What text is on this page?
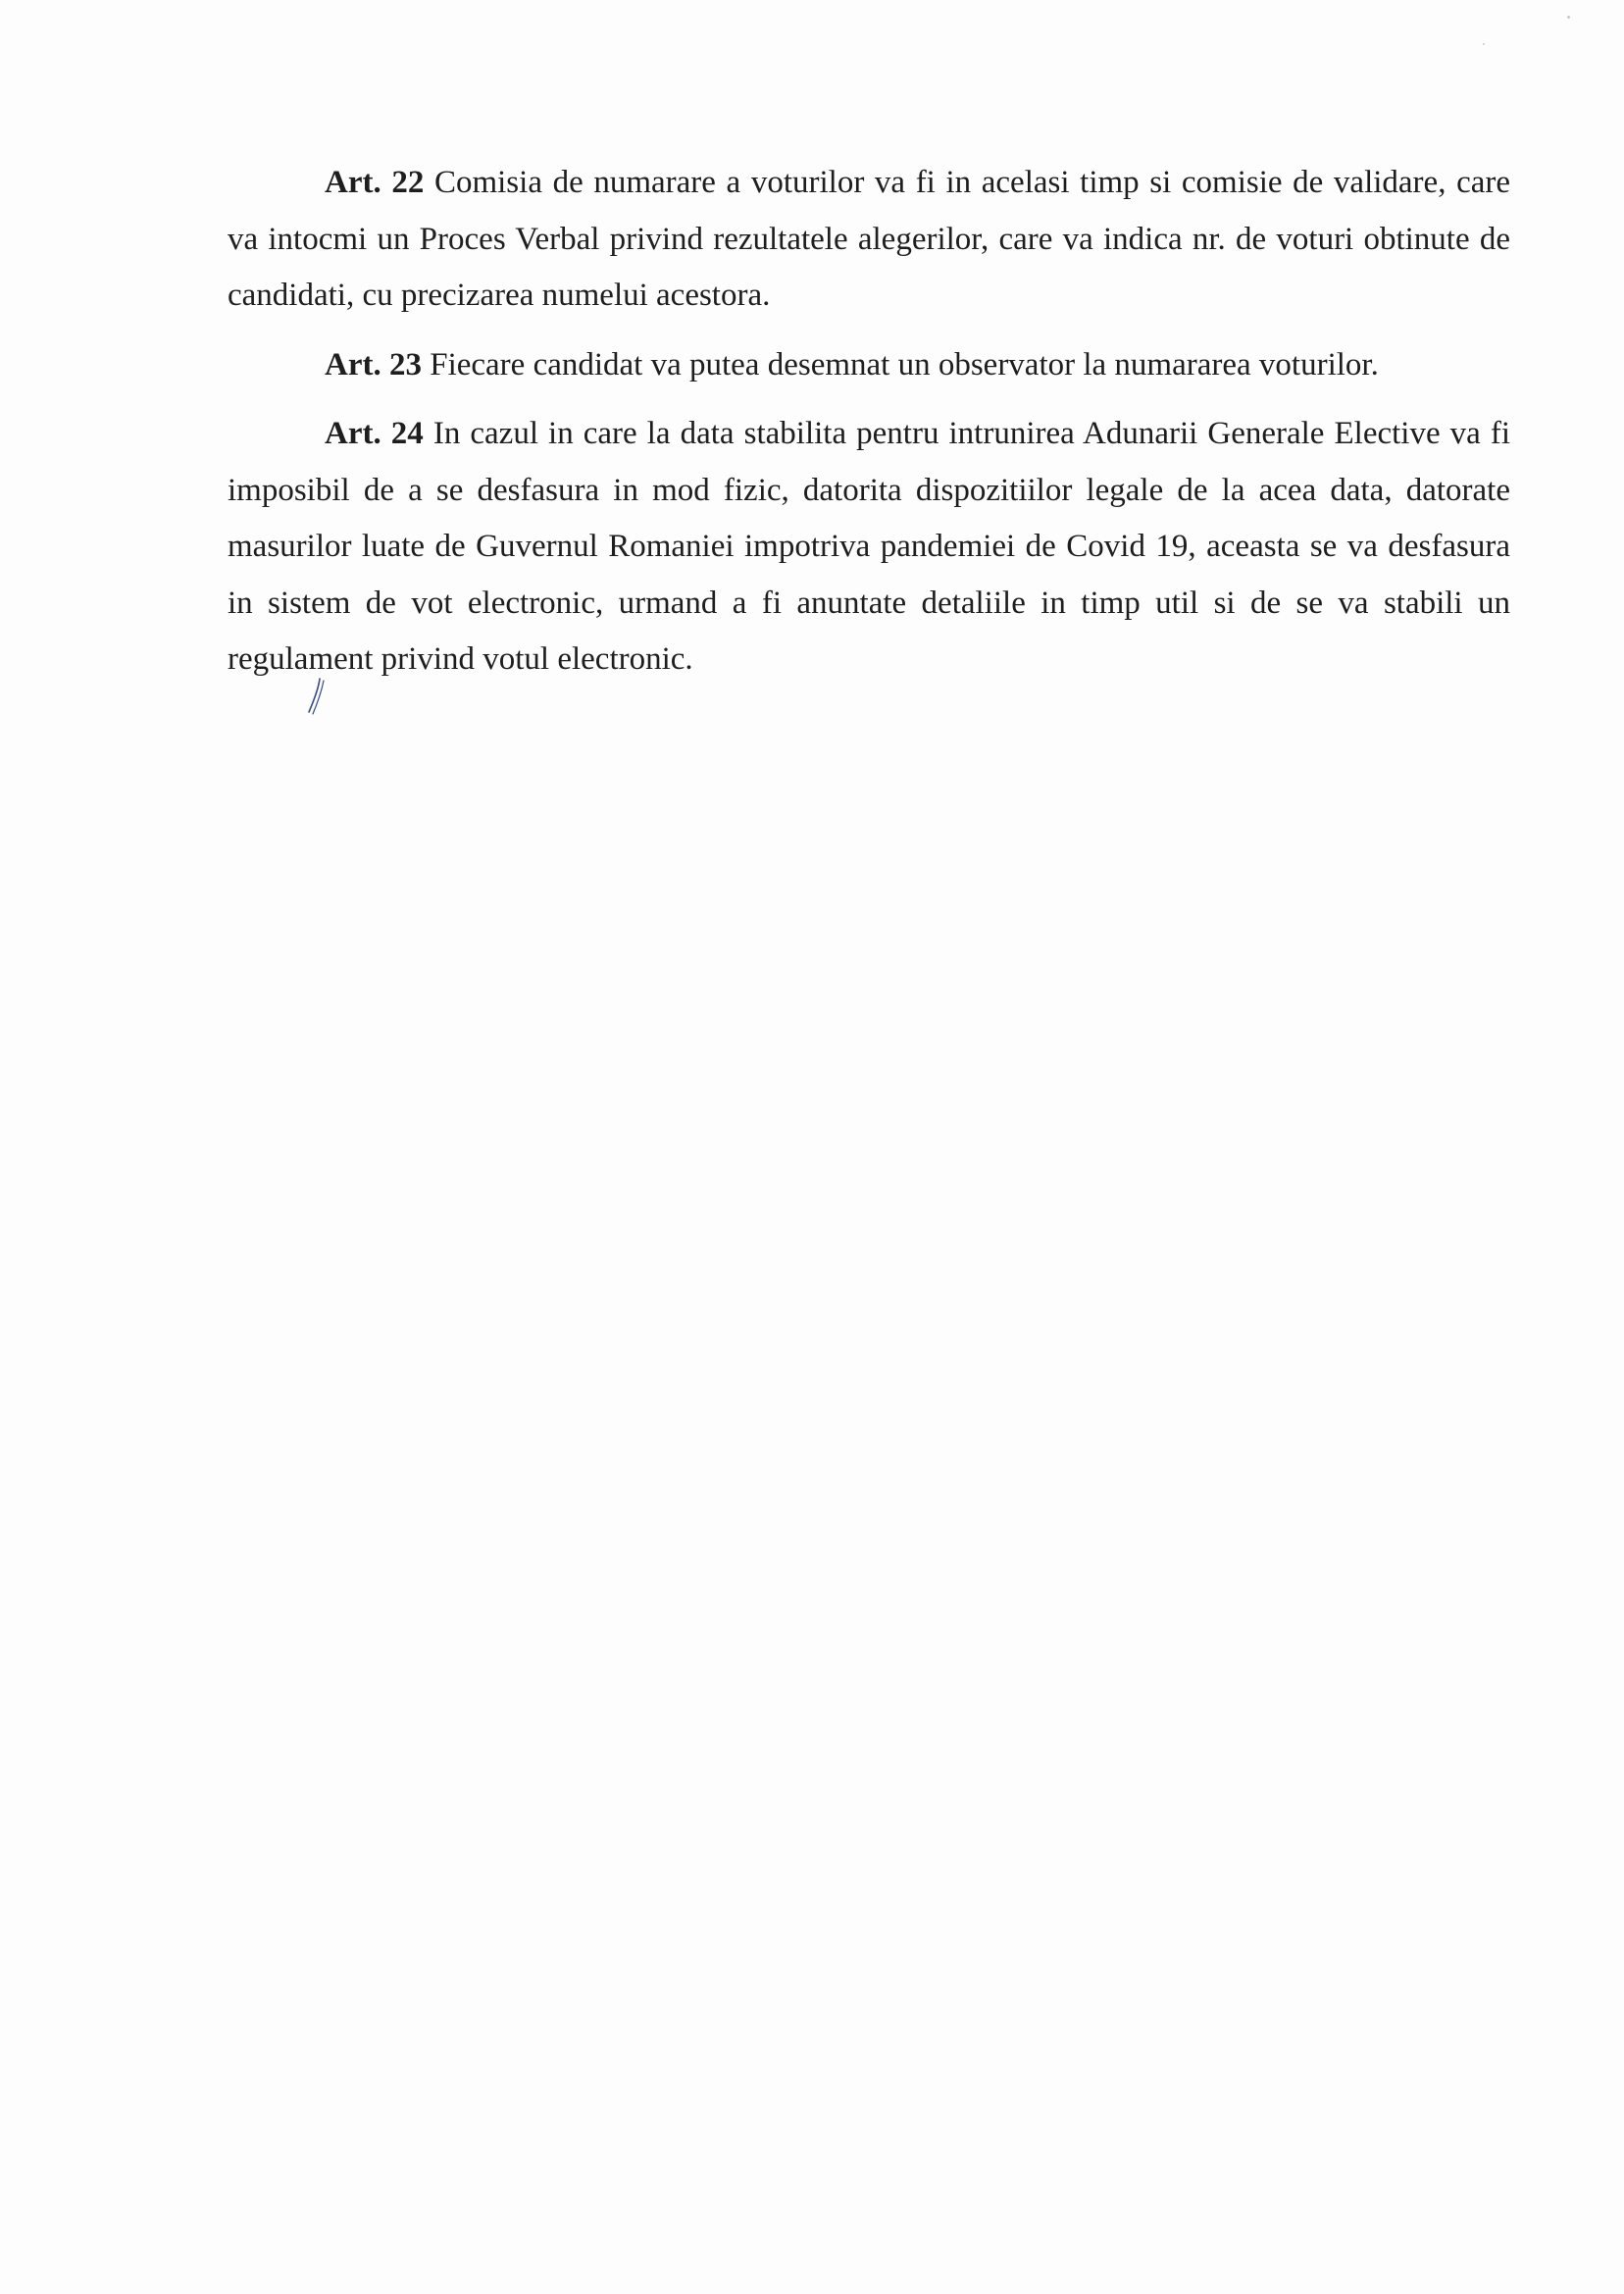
Art. 22 Comisia de numarare a voturilor va fi in acelasi timp si comisie de validare, care va intocmi un Proces Verbal privind rezultatele alegerilor, care va indica nr. de voturi obtinute de candidati, cu precizarea numelui acestora.

Art. 23 Fiecare candidat va putea desemnat un observator la numararea voturilor.

Art. 24 In cazul in care la data stabilita pentru intrunirea Adunarii Generale Elective va fi imposibil de a se desfasura in mod fizic, datorita dispozitiilor legale de la acea data, datorate masurilor luate de Guvernul Romaniei impotriva pandemiei de Covid 19, aceasta se va desfasura in sistem de vot electronic, urmand a fi anuntate detaliile in timp util si de se va stabili un regulament privind votul electronic.
